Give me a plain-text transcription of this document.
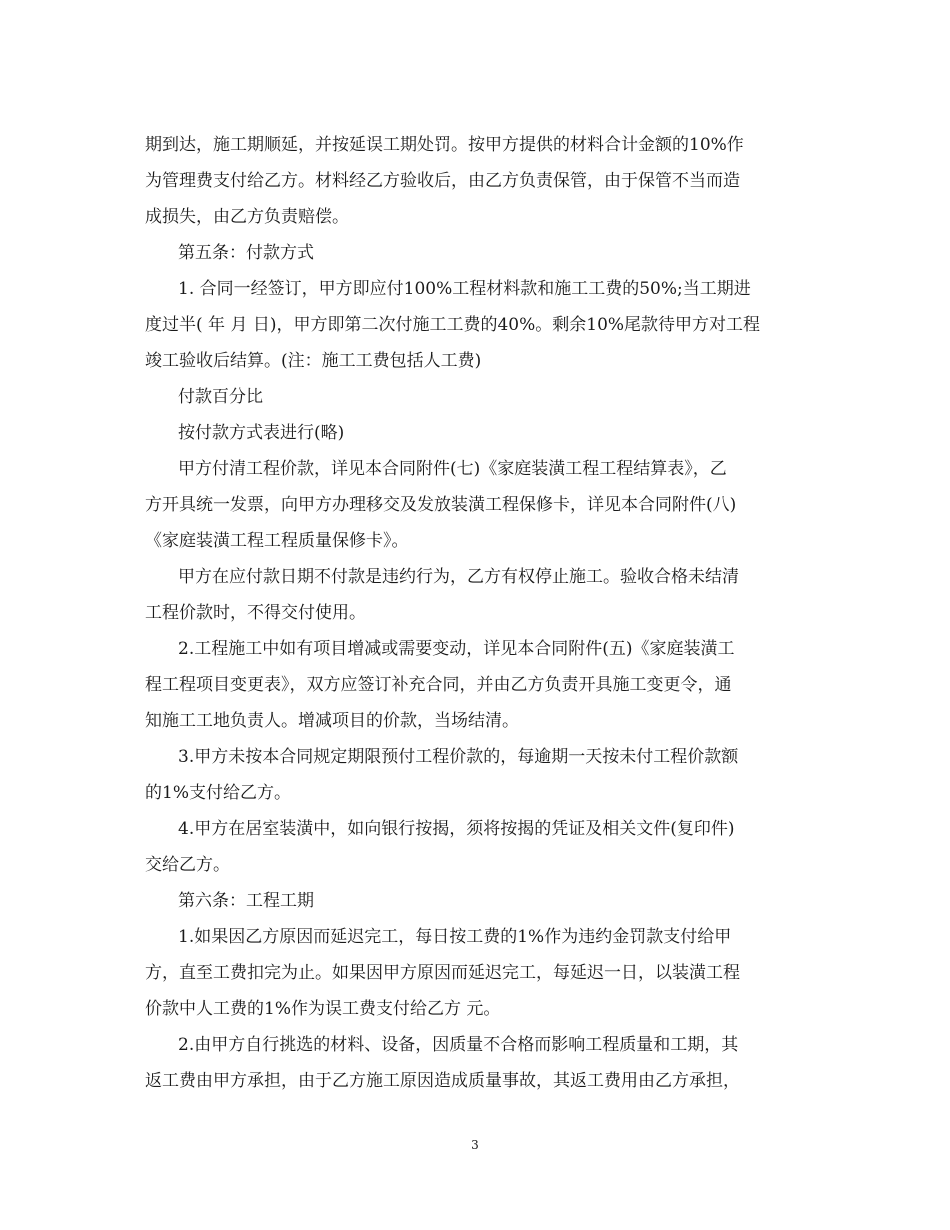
期到达，施工期顺延，并按延误工期处罚。按甲方提供的材料合计金额的10%作
为管理费支付给乙方。材料经乙方验收后，由乙方负责保管，由于保管不当而造
成损失，由乙方负责赔偿。
第五条：付款方式
1. 合同一经签订，甲方即应付100%工程材料款和施工工费的50%;当工期进
度过半( 年 月 日)，甲方即第二次付施工工费的40%。剩余10%尾款待甲方对工程
竣工验收后结算。(注：施工工费包括人工费)
付款百分比
按付款方式表进行(略)
甲方付清工程价款，详见本合同附件(七)《家庭装潢工程工程结算表》，乙
方开具统一发票，向甲方办理移交及发放装潢工程保修卡，详见本合同附件(八)
《家庭装潢工程工程质量保修卡》。
甲方在应付款日期不付款是违约行为，乙方有权停止施工。验收合格未结清
工程价款时，不得交付使用。
2.工程施工中如有项目增减或需要变动，详见本合同附件(五)《家庭装潢工
程工程项目变更表》，双方应签订补充合同，并由乙方负责开具施工变更令，通
知施工工地负责人。增减项目的价款，当场结清。
3.甲方未按本合同规定期限预付工程价款的，每逾期一天按未付工程价款额
的1%支付给乙方。
4.甲方在居室装潢中，如向银行按揭，须将按揭的凭证及相关文件(复印件)
交给乙方。
第六条：工程工期
1.如果因乙方原因而延迟完工，每日按工费的1%作为违约金罚款支付给甲
方，直至工费扣完为止。如果因甲方原因而延迟完工，每延迟一日，以装潢工程
价款中人工费的1%作为误工费支付给乙方 元。
2.由甲方自行挑选的材料、设备，因质量不合格而影响工程质量和工期，其
返工费由甲方承担，由于乙方施工原因造成质量事故，其返工费用由乙方承担，
3
